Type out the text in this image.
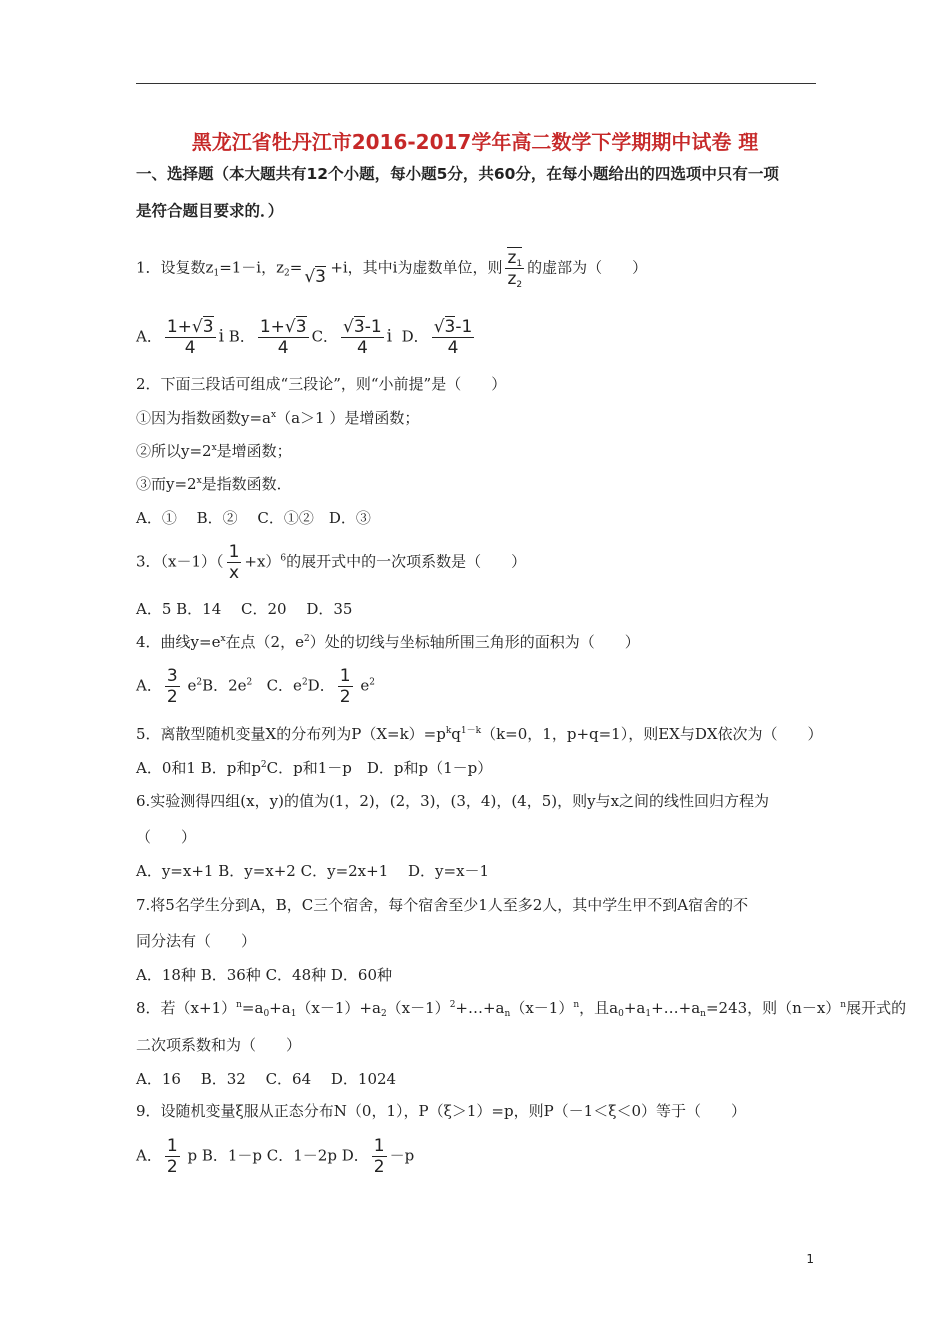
黑龙江省牡丹江市2016-2017学年高二数学下学期期中试卷 理
一、选择题（本大题共有12个小题，每小题5分，共60分，在每小题给出的四选项中只有一项
是符合题目要求的．）
1．设复数$z_1=1-i$，$z_2= √3 +i$，其中i为虚数单位，则 $\frac{z_1}{z_2}$ 的虚部为（　　）
A． $\frac{1+√3}{4}$ i B． $\frac{1+√3}{4}$ C． $\frac{√3-1}{4}$ i D． $\frac{√3-1}{4}$
2．下面三段话可组成“三段论”，则“小前提”是（　　）
①因为指数函数$y=a^x(a>1$ ）是增函数；
②所以$y=2^x$是增函数；
③而$y=2^x$是指数函数．
A．①　 B．②　 C．①②　D．③
3．$(x-1)( \frac{1}{x} +x)^6$的展开式中的一次项系数是（　　）
A．5 B．14　 C．20　 D．35
4．曲线$y=e^x$在点（2，$e^2$）处的切线与坐标轴所围三角形的面积为（　　）
A． $\frac{3}{2} e^2B$．$2e^2$ C．$e^2D$． $\frac{1}{2} e^2$
5．离散型随机变量X的分布列为$P(X=k)=p^kq^{1-k}(k=0$，1，p+q=1），则EX与DX依次为（　　）
A．0和1 B．p和$p^2C$．p和1－p　D．p和p（1－p）
6.实验测得四组(x，y)的值为(1，2)，(2，3)，(3，4)，(4，5)，则y与x之间的线性回归方程为
（　　）
A．y=x+1 B．y=x+2 C．y=2x+1　 D．y=x－1
7.将5名学生分到A，B，C三个宿舍，每个宿舍至少1人至多2人，其中学生甲不到A宿舍的不
同分法有（　　）
A．18种 B．36种 C．48种 D．60种
8．若$(x+1)^n=a_0+a_1(x-1)+a_2(x-1)^2+\dots+a_n(x-1)^n$，且$a_0+a_1+\dots+a_n=243$，则$(n-x)^n$展开式的
二次项系数和为（　　）
A．16　 B．32　 C．64　 D．1024
9．设随机变量ξ服从正态分布N（0，1），P（ξ＞1）=p，则P（－1＜ξ＜0）等于（　　）
A． $\frac{1}{2}$ p B．1－p C．1－2p D． $\frac{1}{2} -p$
1
